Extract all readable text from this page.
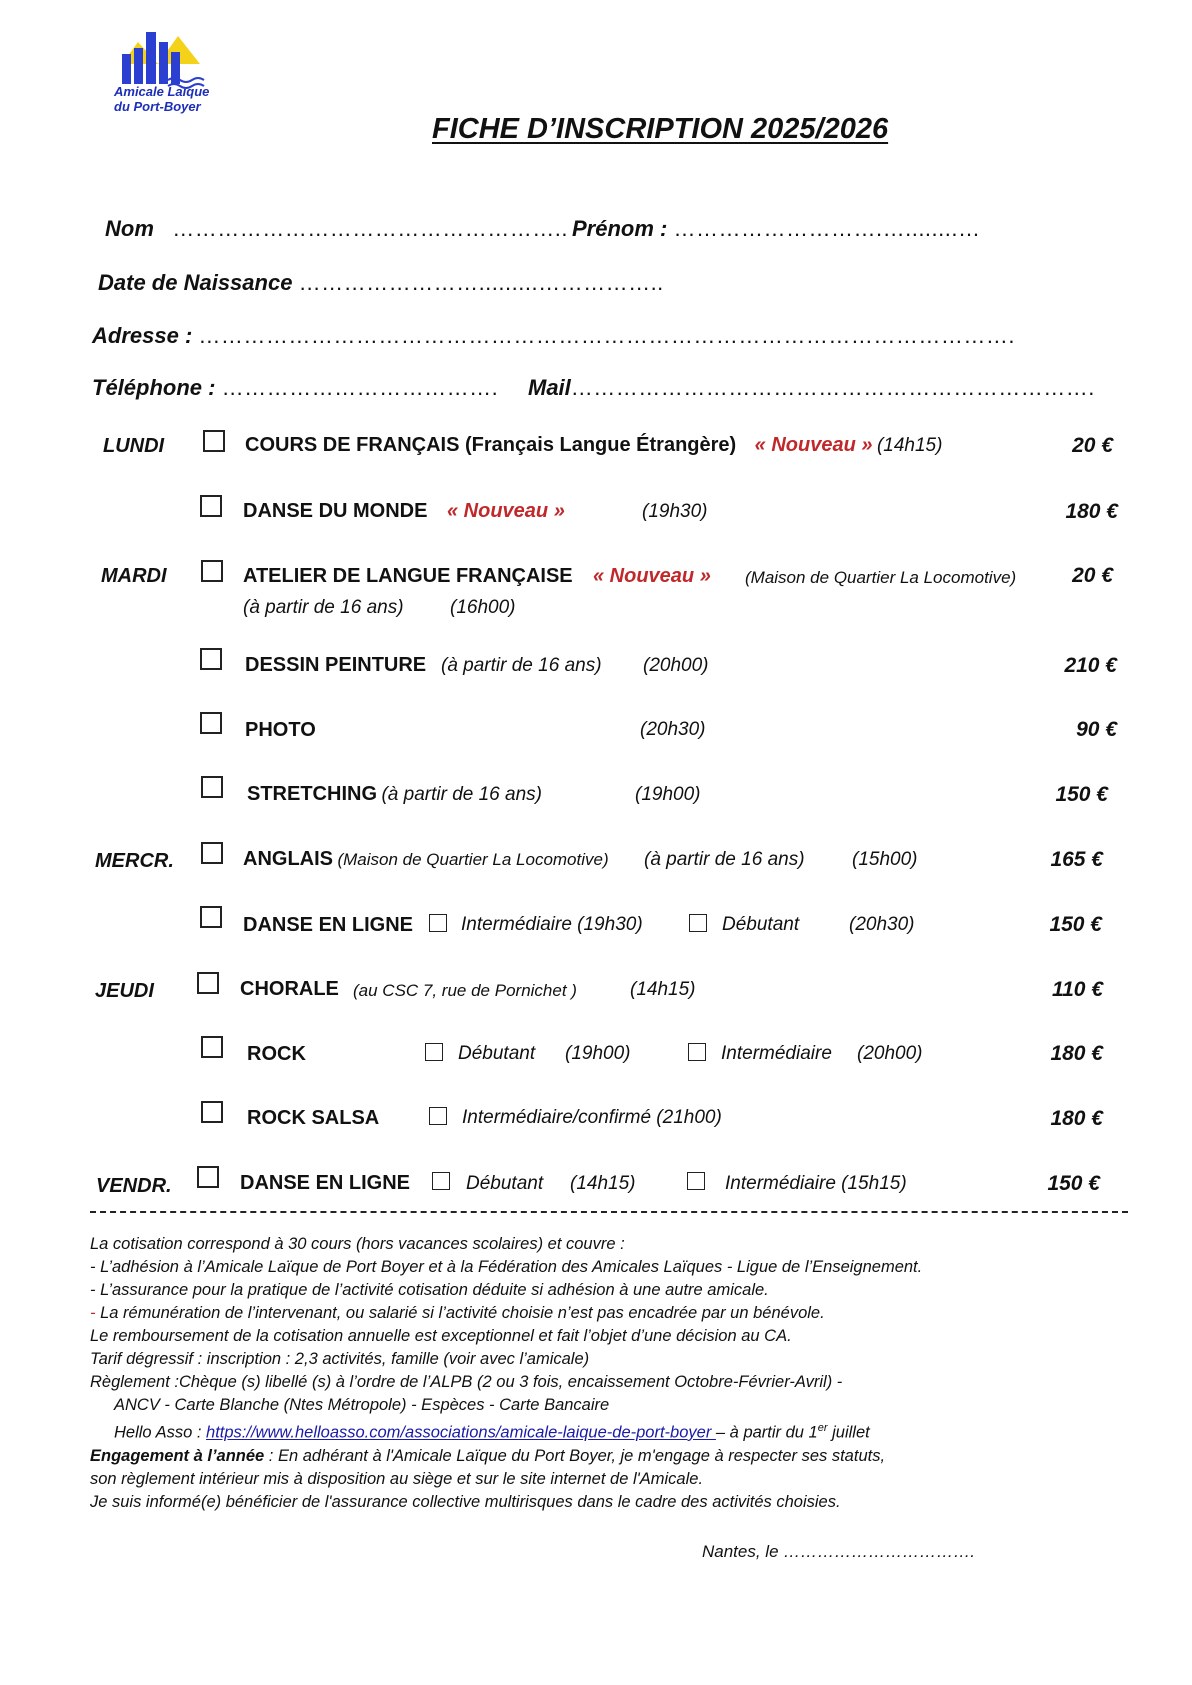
Amicale Laïque
du Port-Boyer
FICHE D’INSCRIPTION 2025/2026
Nom …………………………………………….. Prénom : ……………………….…........…
Date de Naissance …………………….........……………..
Adresse : ……………………………………………………………………………………………….
Téléphone : ………………………………. Mail…………………………………………………………….
LUNDI	COURS DE FRANÇAIS (Français Langue Étrangère) « Nouveau » (14h15)	20 €
DANSE DU MONDE « Nouveau »	(19h30)	180 €
MARDI	ATELIER DE LANGUE FRANÇAISE « Nouveau » (Maison de Quartier La Locomotive)	20 €
(à partir de 16 ans) (16h00)
DESSIN PEINTURE (à partir de 16 ans) (20h00)	210 €
PHOTO	(20h30)	90 €
STRETCHING (à partir de 16 ans)	(19h00)	150 €
MERCR.	ANGLAIS (Maison de Quartier La Locomotive) (à partir de 16 ans) (15h00)	165 €
DANSE EN LIGNE	Intermédiaire (19h30)	Débutant	(20h30)	150 €
JEUDI	CHORALE (au CSC 7, rue de Pornichet )	(14h15)	110 €
ROCK	Débutant (19h00)	Intermédiaire (20h00)	180 €
ROCK SALSA	Intermédiaire/confirmé (21h00)	180 €
VENDR.	DANSE EN LIGNE	Débutant (14h15)	Intermédiaire (15h15)	150 €
La cotisation correspond à 30 cours (hors vacances scolaires) et couvre :
- L’adhésion à l’Amicale Laïque de Port Boyer et à la Fédération des Amicales Laïques - Ligue de l’Enseignement.
- L’assurance pour la pratique de l’activité cotisation déduite si adhésion à une autre amicale.
- La rémunération de l’intervenant, ou salarié si l’activité choisie n’est pas encadrée par un bénévole.
Le remboursement de la cotisation annuelle est exceptionnel et fait l’objet d’une décision au CA.
Tarif dégressif : inscription : 2,3 activités, famille (voir avec l’amicale)
Règlement :Chèque (s) libellé (s) à l’ordre de l’ALPB (2 ou 3 fois, encaissement Octobre-Février-Avril) -
ANCV - Carte Blanche (Ntes Métropole) - Espèces - Carte Bancaire
Hello Asso : https://www.helloasso.com/associations/amicale-laique-de-port-boyer – à partir du 1er juillet
Engagement à l’année : En adhérant à l'Amicale Laïque du Port Boyer, je m'engage à respecter ses statuts,
son règlement intérieur mis à disposition au siège et sur le site internet de l'Amicale.
Je suis informé(e) bénéficier de l'assurance collective multirisques dans le cadre des activités choisies.
Nantes, le …………………………….
